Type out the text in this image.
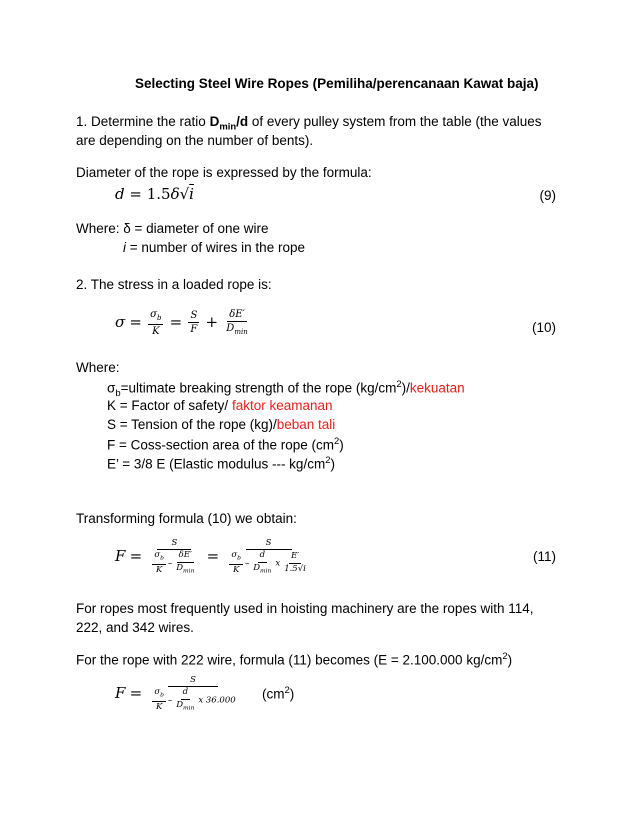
Selecting Steel Wire Ropes (Pemiliha/perencanaan Kawat baja)
1. Determine the ratio $D_{min}/d$ of every pulley system from the table (the values
are depending on the number of bents).
Diameter of the rope is expressed by the formula:
d = 1.5δ√i	(9)
Where: δ = diameter of one wire
i = number of wires in the rope
2. The stress in a loaded rope is:
$\sigma = \frac{\sigma_b}{K} = \frac{S}{F} + \frac{\delta E'}{D_{min}}$	(10)
Where:
$\sigma_b=ultimate$ breaking strength of the rope $(kg/cm^2)$/kekuatan
K = Factor of safety/ faktor keamanan
S = Tension of the rope (kg)/beban tali
F = Coss-section area of the rope $(cm^2)$
E’ = 3/8 E (Elastic modulus --- $kg/cm^2$)
Transforming formula (10) we obtain:
$F = \frac{S}{\frac{\sigma_b}{K} - \frac{\delta E'}{D_{min}}} = \frac{S}{\frac{\sigma_b}{K} - \frac{d}{D_{min}} x \frac{E'}{1.5√i}}$	(11)
For ropes most frequently used in hoisting machinery are the ropes with 114,
222, and 342 wires.
For the rope with 222 wire, formula (11) becomes (E = 2.100.000 $kg/cm^2$)
$F = \frac{S}{\frac{\sigma_b}{K} - \frac{d}{D_{min}} x 36.000} (cm^2)$
